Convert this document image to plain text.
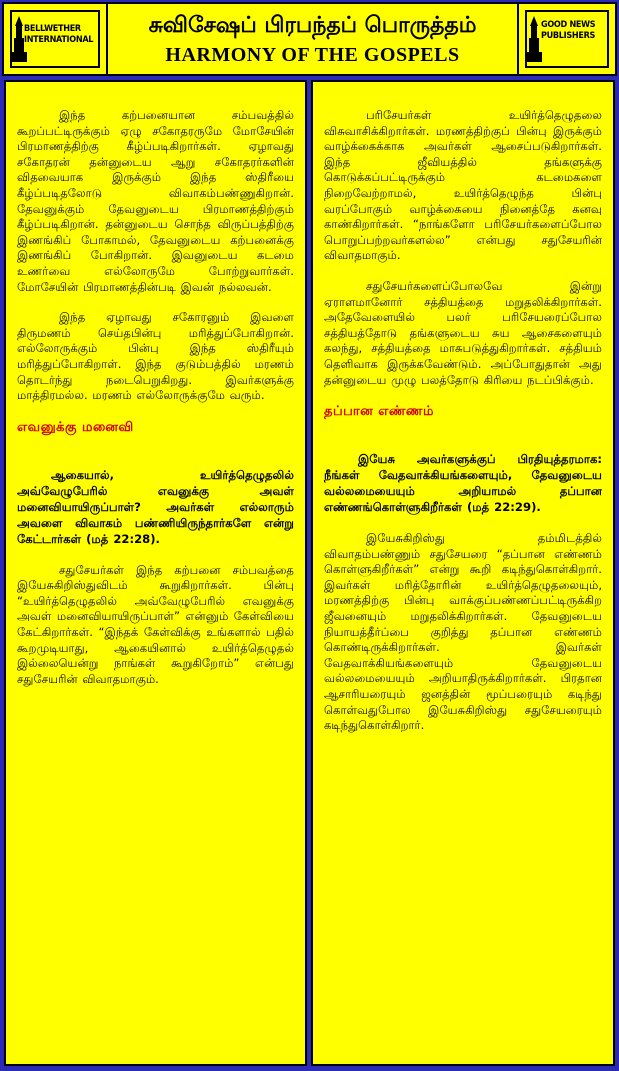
BELLWETHER INTERNATIONAL
சுவிசேஷப் பிரபந்தப் பொருத்தம்
HARMONY OF THE GOSPELS
GOOD NEWS PUBLISHERS

இந்த கற்பனையான சம்பவத்தில் கூறப்பட்டிருக்கும் ஏழு சகோதரருமே மோசேயின் பிரமாணத்திற்கு கீழ்ப்படிகிறார்கள். ஏழாவது சகோதரன் தன்னுடைய ஆறு சகோதரர்களின் விதவையாக இருக்கும் இந்த ஸ்திரீயை கீழ்ப்படிதலோடு விவாகம்பண்ணுகிறான். தேவனுக்கும் தேவனுடைய பிரமாணத்திற்கும் கீழ்ப்படிகிறான். தன்னுடைய சொந்த விருப்பத்திற்கு இணங்கிப் போகாமல், தேவனுடைய கற்பனைக்கு இணங்கிப் போகிறான். இவனுடைய கடமை உணர்வை எல்லோருமே போற்றுவார்கள். மோசேயின் பிரமாணத்தின்படி இவன் நல்லவன்.

இந்த ஏழாவது சகோரனும் இவளை திருமணம் செய்தபின்பு மரித்துப்போகிறான். எல்லோருக்கும் பின்பு இந்த ஸ்திரீயும் மரித்துப்போகிறாள். இந்த குடும்பத்தில் மரணம் தொடர்ந்து நடைபெறுகிறது. இவர்களுக்கு மாத்திரமல்ல. மரணம் எல்லோருக்குமே வரும்.

எவனுக்கு மனைவி

ஆகையால், உயிர்த்தெழுதலில் அவ்வேழுபேரில் எவனுக்கு அவள் மனைவியாயிருப்பாள்? அவர்கள் எல்லாரும் அவளை விவாகம் பண்ணியிருந்தார்களே என்று கேட்டார்கள் (மத் 22:28).

சதுசேயர்கள் இந்த கற்பனை சம்பவத்தை இயேசுகிறிஸ்துவிடம் கூறுகிறார்கள். பின்பு “உயிர்த்தெழுதலில் அவ்வேழுபேரில் எவனுக்கு அவள் மனைவியாயிருப்பாள்” என்னும் கேள்வியை கேட்கிறார்கள். “இந்தக் கேள்விக்கு உங்களால் பதில் கூறமுடியாது, ஆகையினால் உயிர்த்தெழுதல் இல்லையென்று நாங்கள் கூறுகிறோம்” என்பது சதுசேயரின் விவாதமாகும்.

பரிசேயர்கள் உயிர்த்தெழுதலை விசுவாசிக்கிறார்கள். மரணத்திற்குப் பின்பு இருக்கும் வாழ்க்கைக்காக அவர்கள் ஆசைப்படுகிறார்கள். இந்த ஜீவியத்தில் தங்களுக்கு கொடுக்கப்பட்டிருக்கும் கடமைகளை நிறைவேற்றாமல், உயிர்த்தெழுந்த பின்பு வரப்போகும் வாழ்க்கையை நினைத்தே கனவு காண்கிறார்கள். “நாங்களோ பரிசேயர்களைப்போல பொறுப்பற்றவர்களல்ல” என்பது சதுசேயரின் விவாதமாகும்.

சதுசேயர்களைப்போலவே இன்று ஏராளமானோர் சத்தியத்தை மறுதலிக்கிறார்கள். அதேவேளையில் பலர் பரிசேயரைப்போல சத்தியத்தோடு தங்களுடைய சுய ஆசைகளையும் கலந்து, சத்தியத்தை மாசுபடுத்துகிறார்கள். சத்தியம் தெளிவாக இருக்கவேண்டும். அப்போதுதான் அது தன்னுடைய முழு பலத்தோடு கிரியை நடப்பிக்கும்.

தப்பான எண்ணம்

இயேசு அவர்களுக்குப் பிரதியுத்தரமாக: நீங்கள் வேதவாக்கியங்களையும், தேவனுடைய வல்லமையையும் அறியாமல் தப்பான எண்ணங்கொள்ளுகிறீர்கள் (மத் 22:29).

இயேசுகிறிஸ்து தம்மிடத்தில் விவாதம்பண்ணும் சதுசேயரை “தப்பான எண்ணம் கொள்ளுகிறீர்கள்” என்று கூறி கடிந்துகொள்கிறார். இவர்கள் மரித்தோரின் உயிர்த்தெழுதலையும், மரணத்திற்கு பின்பு வாக்குப்பண்ணப்பட்டிருக்கிற ஜீவனையும் மறுதலிக்கிறார்கள். தேவனுடைய நியாயத்தீர்ப்பை குறித்து தப்பான எண்ணம் கொண்டிருக்கிறார்கள். இவர்கள் வேதவாக்கியங்களையும் தேவனுடைய வல்லமையையும் அறியாதிருக்கிறார்கள். பிரதான ஆசாரியரையும் ஜனத்தின் மூப்பரையும் கடிந்து கொள்வதுபோல இயேசுகிறிஸ்து சதுசேயரையும் கடிந்துகொள்கிறார்.
